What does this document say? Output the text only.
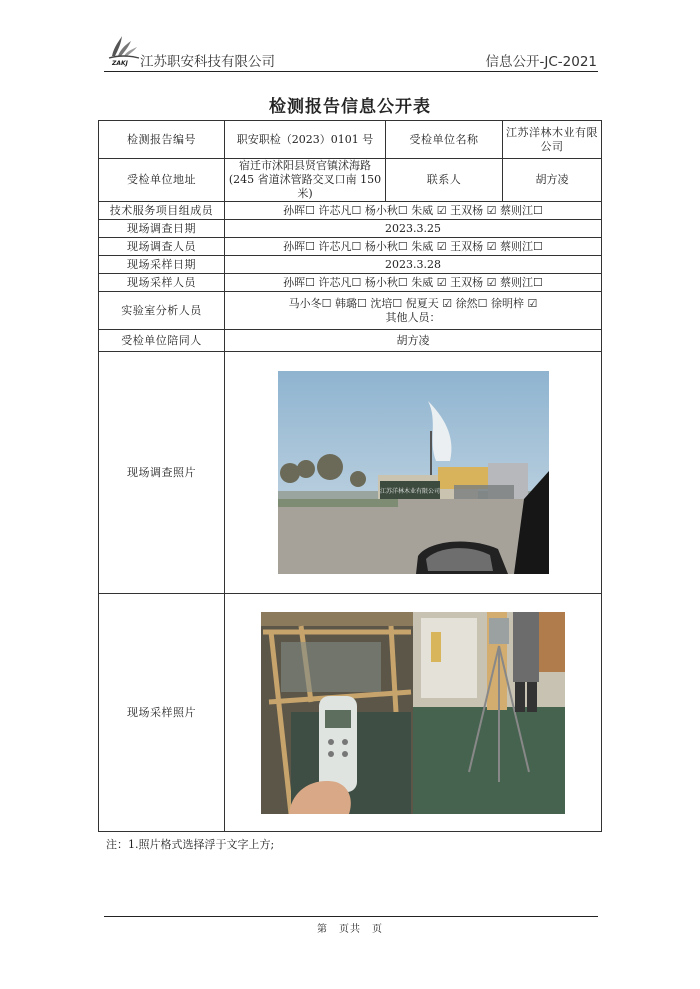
ZAKJ 江苏职安科技有限公司	信息公开-JC-2021
检测报告信息公开表
检测报告编号	职安职检（2023）0101 号	受检单位名称	江苏洋林木业有限公司
受检单位地址	宿迁市沭阳县贤官镇沭海路(245 省道沭管路交叉口南 150 米)	联系人	胡方凌
技术服务项目组成员	孙晖☐ 许芯凡☐ 杨小秋☐ 朱威 ☑ 王双杨 ☑ 蔡则江☐		
现场调查日期	2023.3.25		
现场调查人员	孙晖☐ 许芯凡☐ 杨小秋☐ 朱威 ☑ 王双杨 ☑ 蔡则江☐		
现场采样日期	2023.3.28		
现场采样人员	孙晖☐ 许芯凡☐ 杨小秋☐ 朱威 ☑ 王双杨 ☑ 蔡则江☐		
实验室分析人员	马小冬☐ 韩璐☐ 沈培☐ 倪夏天 ☑ 徐然☐ 徐明梓 ☑
其他人员：		

受检单位陪同人	胡方凌		
现场调查照片	江苏洋林木业有限公司		

现场采样照片	
注：1.照片格式选择浮于文字上方;
第　页共　页
